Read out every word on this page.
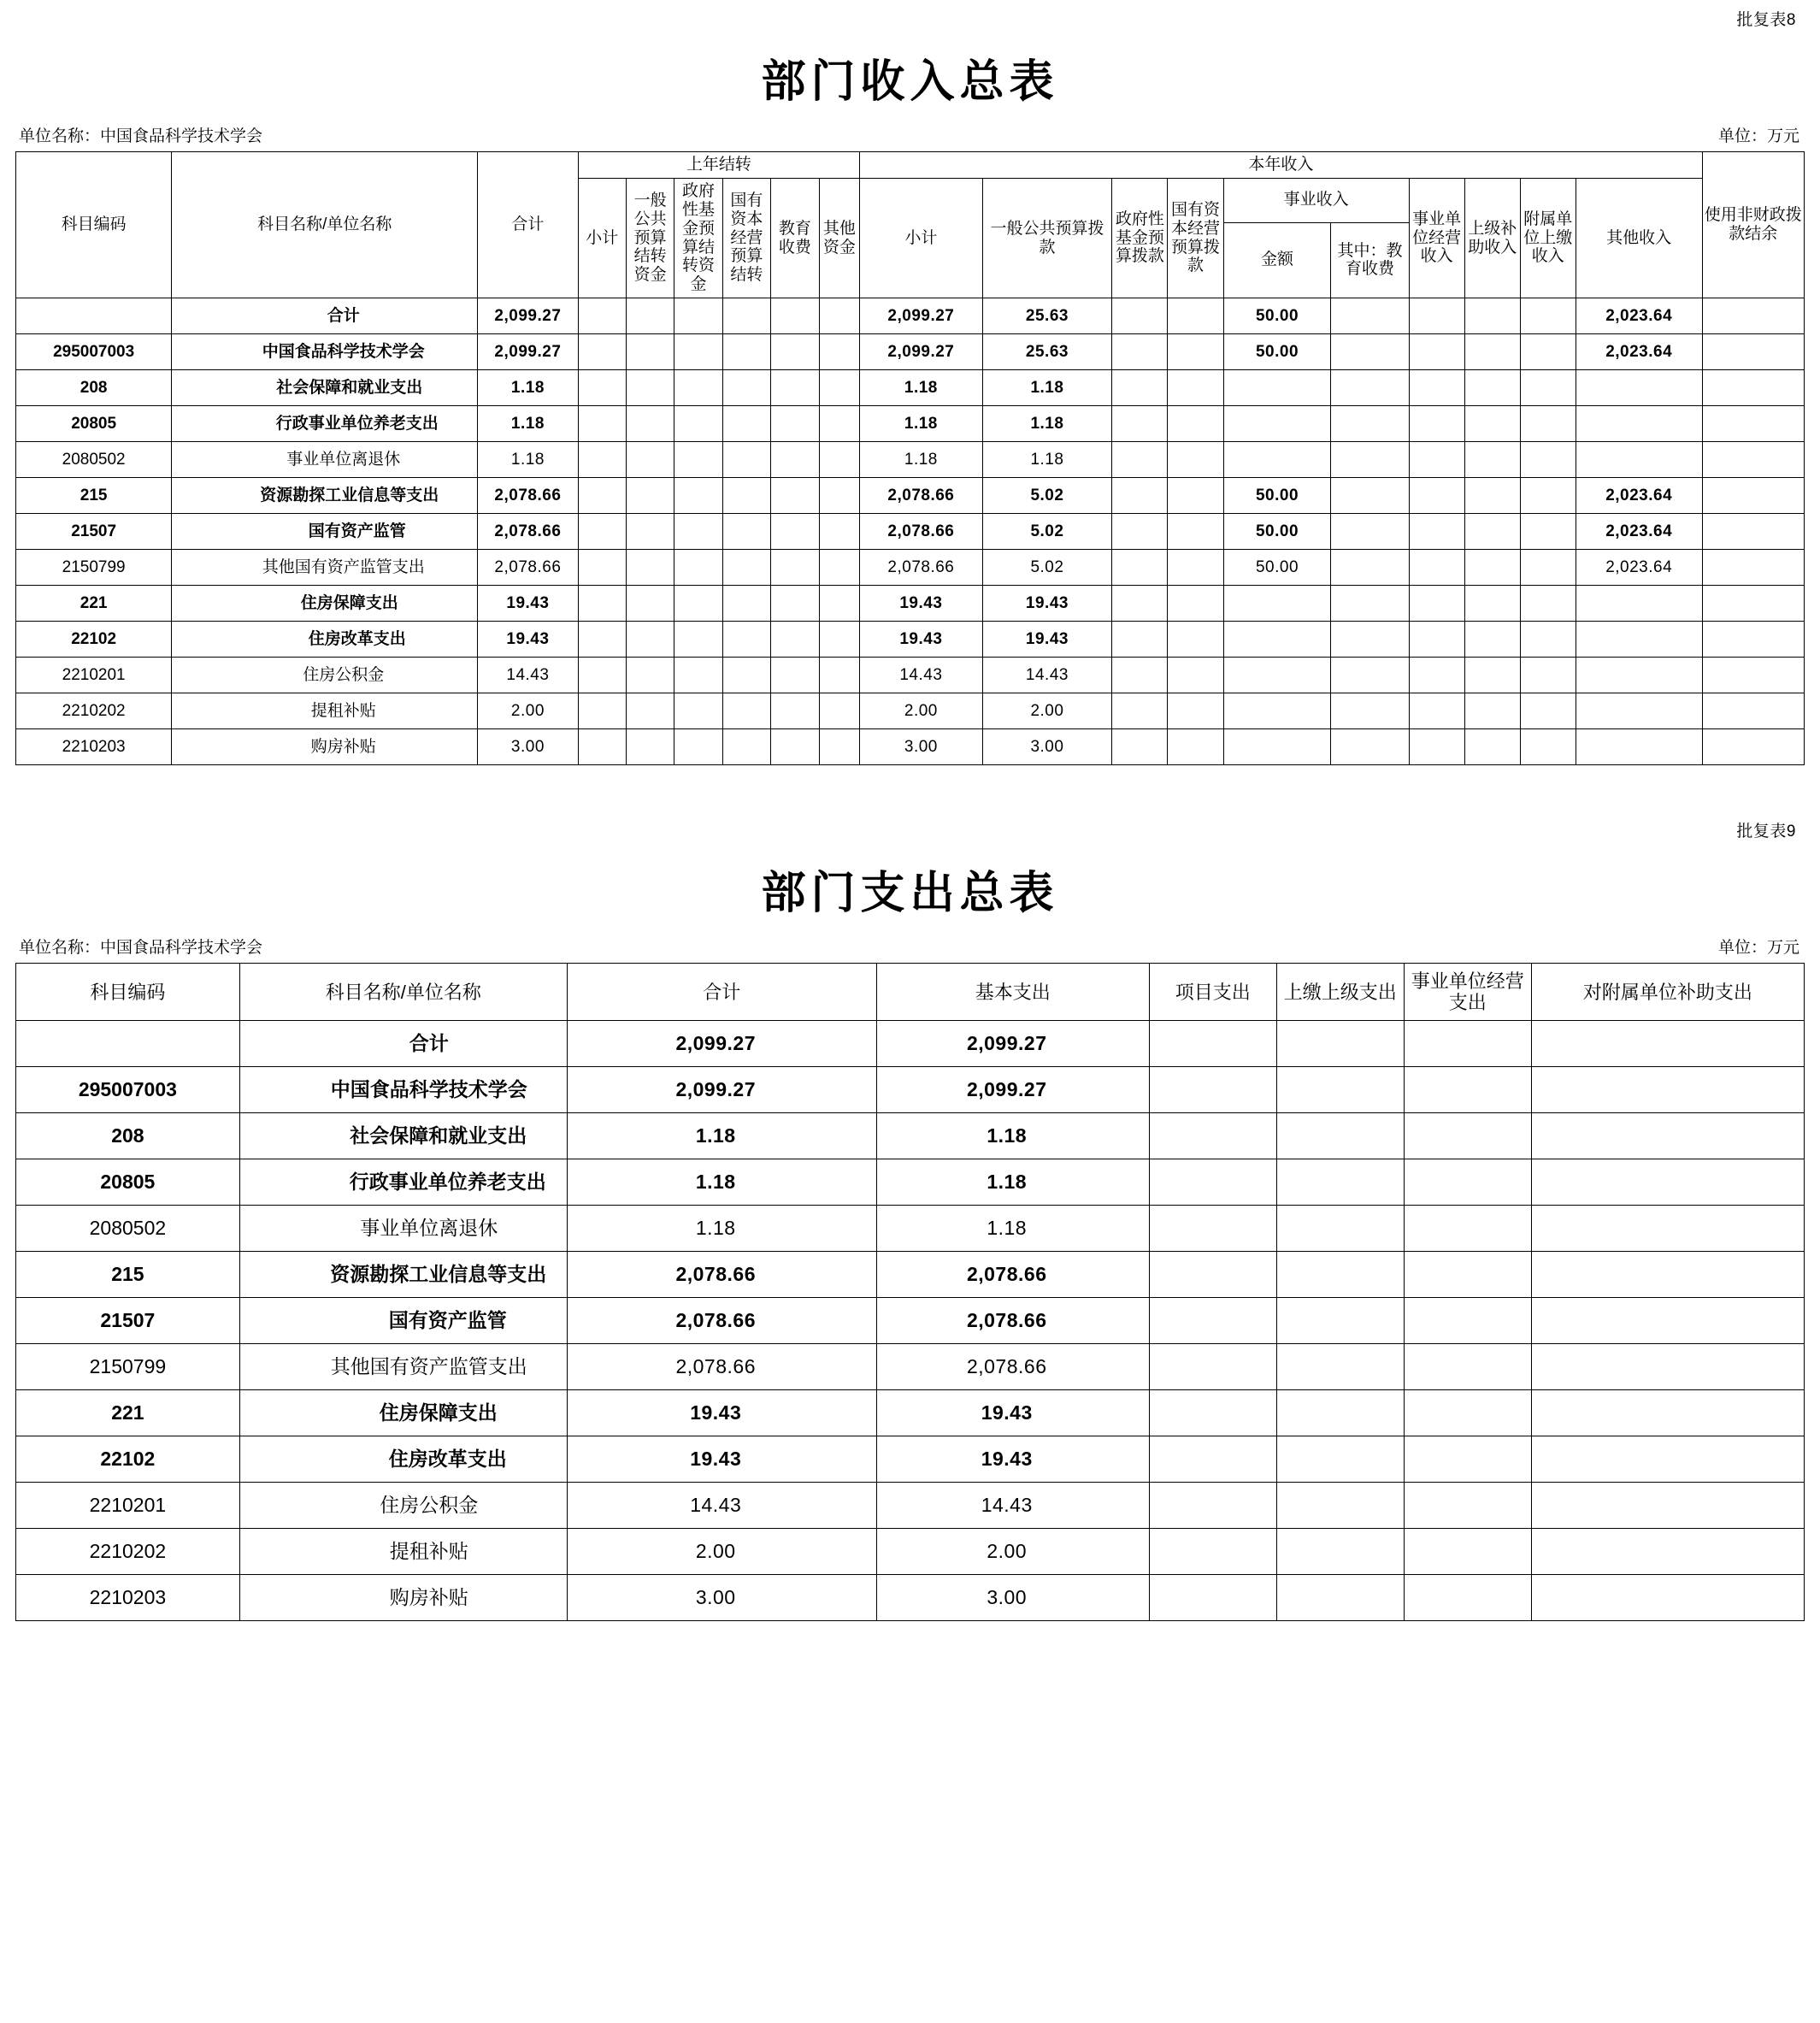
批复表8
部门收入总表
单位名称：中国食品科学技术学会	单位：万元
科目编码	科目名称/单位名称	合计	上年结转						本年收入										使用非财政拨款结余
			小计	一般公共预算结转资金	政府性基金预算结转资金	国有资本经营预算结转	教育收费	其他资金	小计	一般公共预算拨款	政府性基金预算拨款	国有资本经营预算拨款	事业收入		事业单位经营收入	上级补助收入	附属单位上缴收入	其他收入	
													金额	其中：教育收费					
	合计	2,099.27							2,099.27	25.63			50.00					2,023.64	
295007003	中国食品科学技术学会	2,099.27							2,099.27	25.63			50.00					2,023.64	
208	社会保障和就业支出	1.18							1.18	1.18									
20805	行政事业单位养老支出	1.18							1.18	1.18									
2080502	事业单位离退休	1.18							1.18	1.18									
215	资源勘探工业信息等支出	2,078.66							2,078.66	5.02			50.00					2,023.64	
21507	国有资产监管	2,078.66							2,078.66	5.02			50.00					2,023.64	
2150799	其他国有资产监管支出	2,078.66							2,078.66	5.02			50.00					2,023.64	
221	住房保障支出	19.43							19.43	19.43									
22102	住房改革支出	19.43							19.43	19.43									
2210201	住房公积金	14.43							14.43	14.43									
2210202	提租补贴	2.00							2.00	2.00									
2210203	购房补贴	3.00							3.00	3.00									
批复表9
部门支出总表
单位名称：中国食品科学技术学会	单位：万元
科目编码	科目名称/单位名称	合计	基本支出	项目支出	上缴上级支出	事业单位经营支出	对附属单位补助支出
	合计	2,099.27	2,099.27				
295007003	中国食品科学技术学会	2,099.27	2,099.27				
208	社会保障和就业支出	1.18	1.18				
20805	行政事业单位养老支出	1.18	1.18				
2080502	事业单位离退休	1.18	1.18				
215	资源勘探工业信息等支出	2,078.66	2,078.66				
21507	国有资产监管	2,078.66	2,078.66				
2150799	其他国有资产监管支出	2,078.66	2,078.66				
221	住房保障支出	19.43	19.43				
22102	住房改革支出	19.43	19.43				
2210201	住房公积金	14.43	14.43				
2210202	提租补贴	2.00	2.00				
2210203	购房补贴	3.00	3.00				
